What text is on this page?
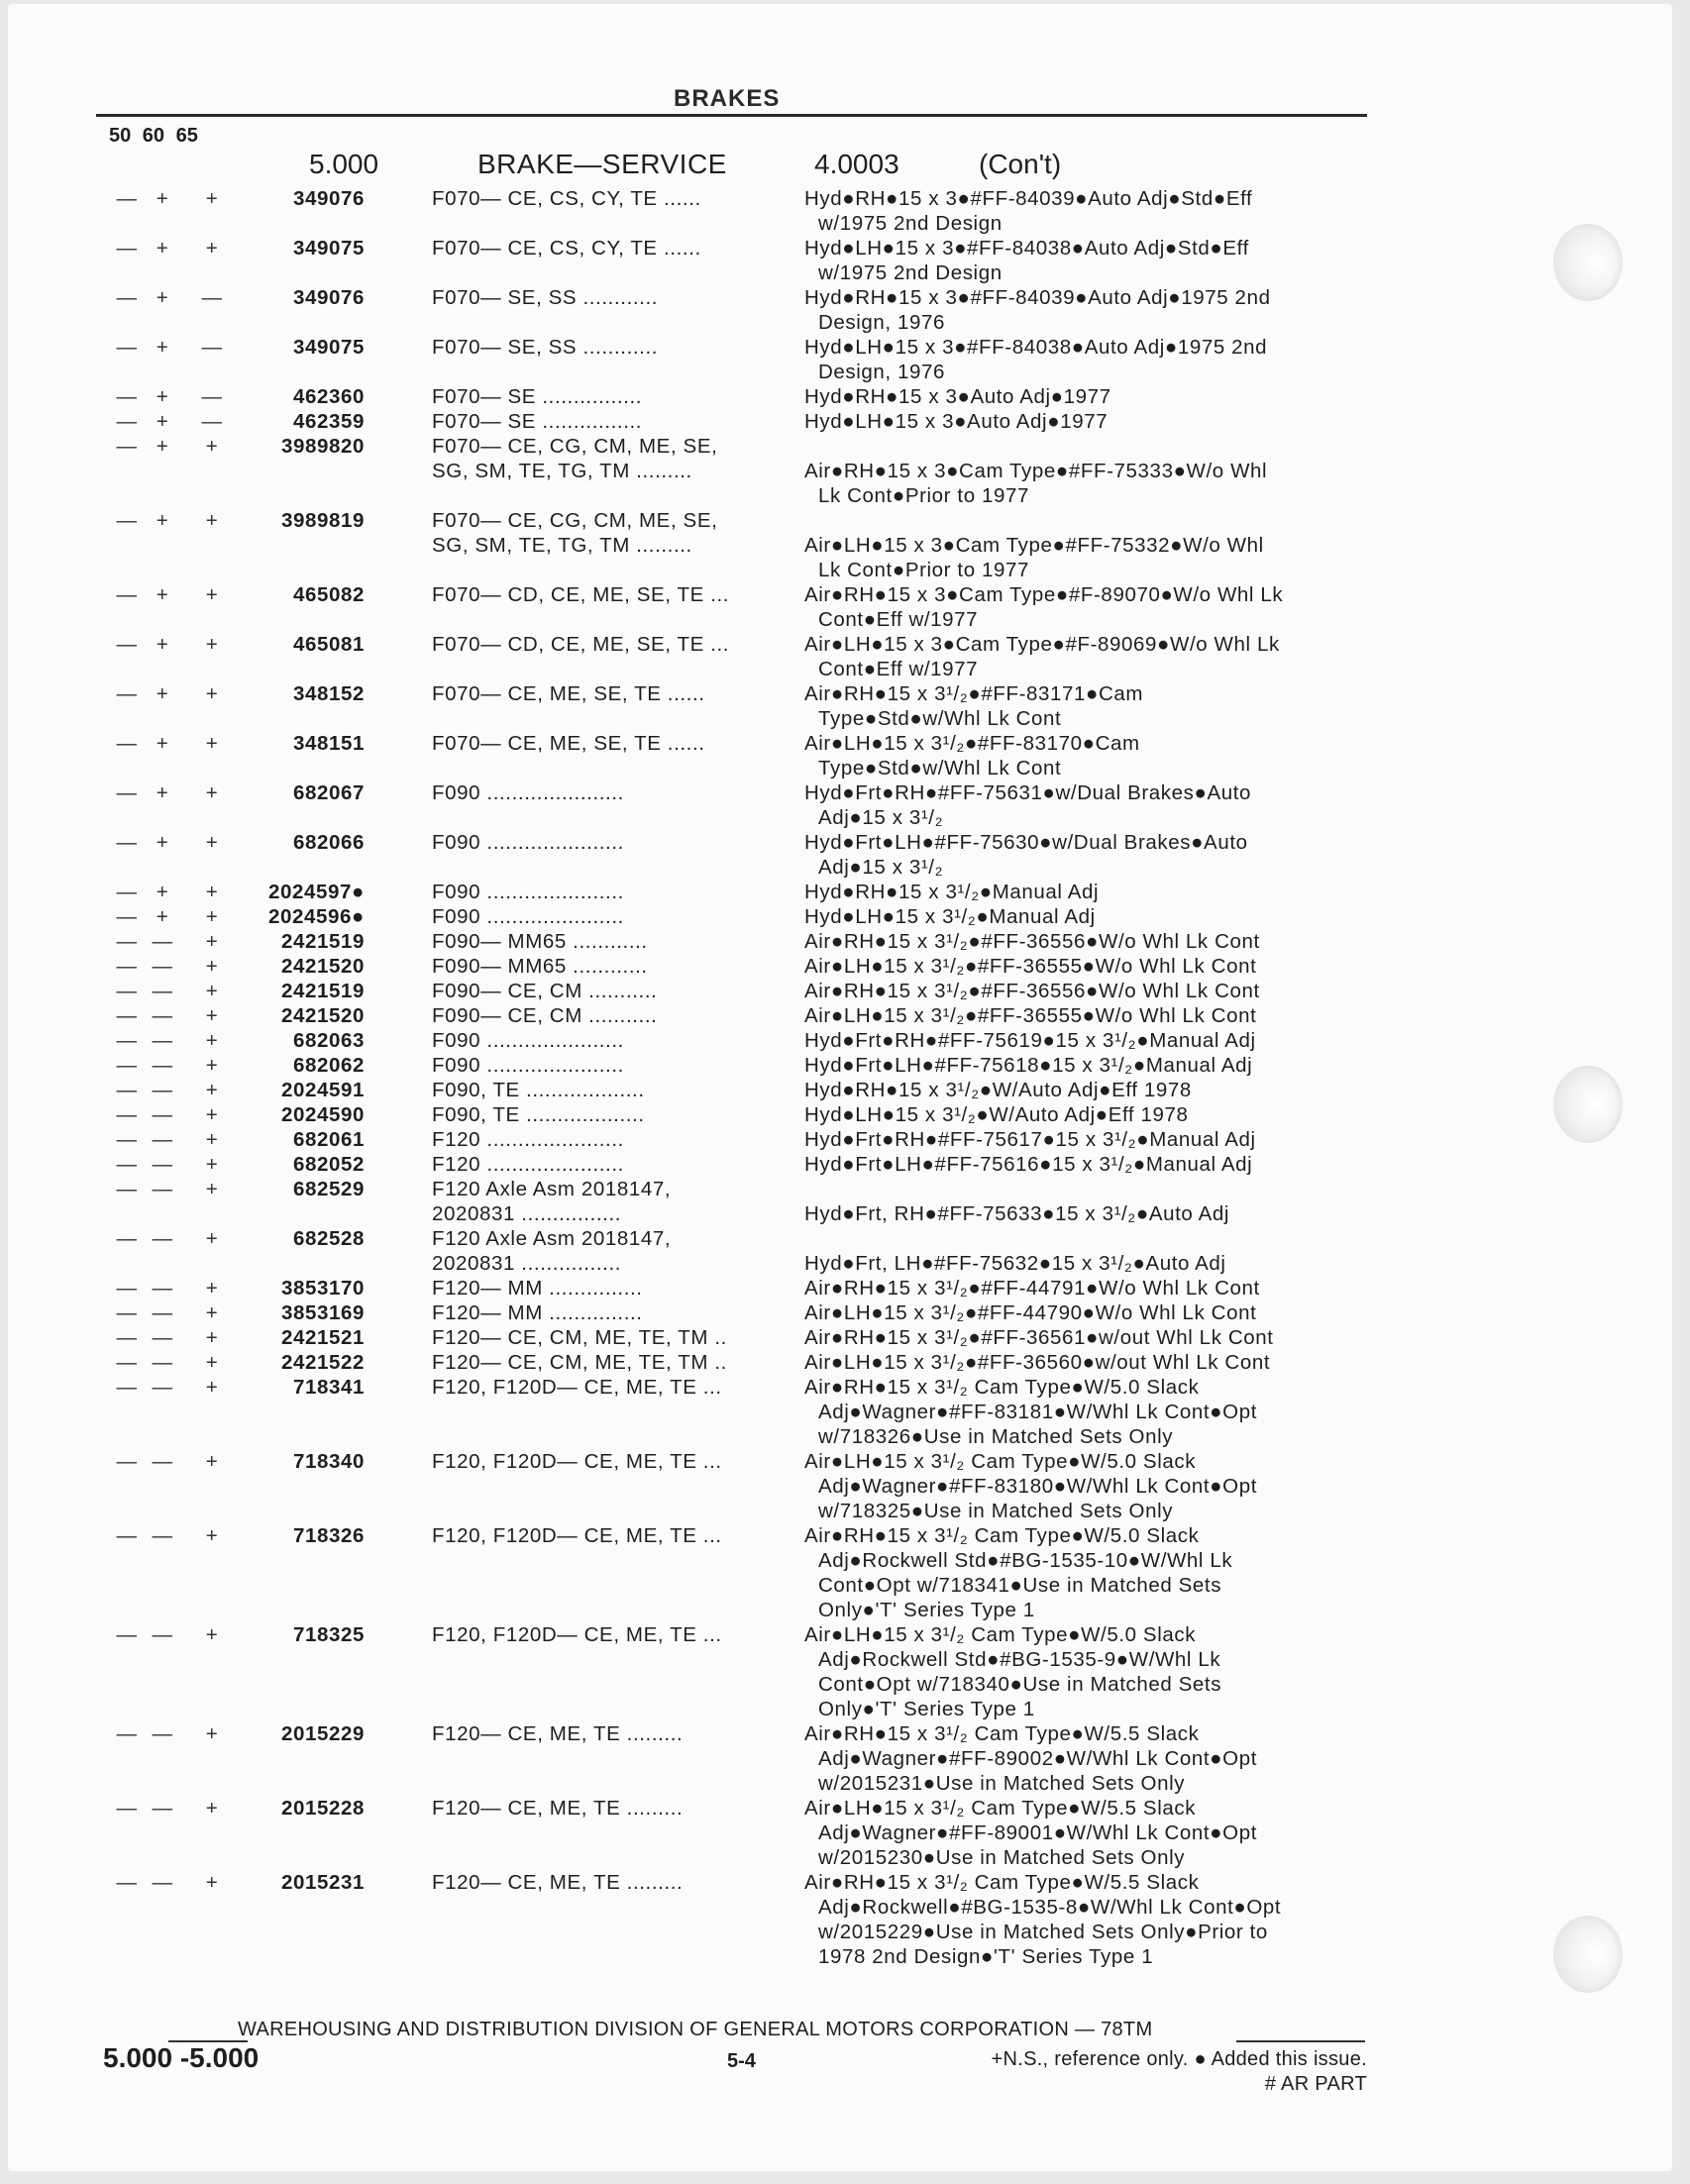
BRAKES
50 60 65
5.000	BRAKE—SERVICE	4.0003	(Con't)
— + +	349076	F070— CE, CS, CY, TE ......	Hyd●RH●15 x 3●#FF-84039●Auto Adj●Std●Eff
w/1975 2nd Design
— + +	349075	F070— CE, CS, CY, TE ......	Hyd●LH●15 x 3●#FF-84038●Auto Adj●Std●Eff
w/1975 2nd Design
— + —	349076	F070— SE, SS ............	Hyd●RH●15 x 3●#FF-84039●Auto Adj●1975 2nd
Design, 1976
— + —	349075	F070— SE, SS ............	Hyd●LH●15 x 3●#FF-84038●Auto Adj●1975 2nd
Design, 1976
— + —	462360	F070— SE ................	Hyd●RH●15 x 3●Auto Adj●1977
— + —	462359	F070— SE ................	Hyd●LH●15 x 3●Auto Adj●1977
— + +	3989820	F070— CE, CG, CM, ME, SE,
SG, SM, TE, TG, TM .........
	Air●RH●15 x 3●Cam Type●#FF-75333●W/o Whl
Lk Cont●Prior to 1977
— + +	3989819	F070— CE, CG, CM, ME, SE,
SG, SM, TE, TG, TM .........
	Air●LH●15 x 3●Cam Type●#FF-75332●W/o Whl
Lk Cont●Prior to 1977
— + +	465082	F070— CD, CE, ME, SE, TE ...	Air●RH●15 x 3●Cam Type●#F-89070●W/o Whl Lk
Cont●Eff w/1977
— + +	465081	F070— CD, CE, ME, SE, TE ...	Air●LH●15 x 3●Cam Type●#F-89069●W/o Whl Lk
Cont●Eff w/1977
— + +	348152	F070— CE, ME, SE, TE ......	Air●RH●15 x 3¹/₂●#FF-83171●Cam
Type●Std●w/Whl Lk Cont
— + +	348151	F070— CE, ME, SE, TE ......	Air●LH●15 x 3¹/₂●#FF-83170●Cam
Type●Std●w/Whl Lk Cont
— + +	682067	F090 ......................	Hyd●Frt●RH●#FF-75631●w/Dual Brakes●Auto
Adj●15 x 3¹/₂
— + +	682066	F090 ......................	Hyd●Frt●LH●#FF-75630●w/Dual Brakes●Auto
Adj●15 x 3¹/₂
— + +	2024597●	F090 ......................	Hyd●RH●15 x 3¹/₂●Manual Adj
— + +	2024596●	F090 ......................	Hyd●LH●15 x 3¹/₂●Manual Adj
— — +	2421519	F090— MM65 ............	Air●RH●15 x 3¹/₂●#FF-36556●W/o Whl Lk Cont
— — +	2421520	F090— MM65 ............	Air●LH●15 x 3¹/₂●#FF-36555●W/o Whl Lk Cont
— — +	2421519	F090— CE, CM ...........	Air●RH●15 x 3¹/₂●#FF-36556●W/o Whl Lk Cont
— — +	2421520	F090— CE, CM ...........	Air●LH●15 x 3¹/₂●#FF-36555●W/o Whl Lk Cont
— — +	682063	F090 ......................	Hyd●Frt●RH●#FF-75619●15 x 3¹/₂●Manual Adj
— — +	682062	F090 ......................	Hyd●Frt●LH●#FF-75618●15 x 3¹/₂●Manual Adj
— — +	2024591	F090, TE ...................	Hyd●RH●15 x 3¹/₂●W/Auto Adj●Eff 1978
— — +	2024590	F090, TE ...................	Hyd●LH●15 x 3¹/₂●W/Auto Adj●Eff 1978
— — +	682061	F120 ......................	Hyd●Frt●RH●#FF-75617●15 x 3¹/₂●Manual Adj
— — +	682052	F120 ......................	Hyd●Frt●LH●#FF-75616●15 x 3¹/₂●Manual Adj
— — +	682529	F120 Axle Asm 2018147,
2020831 ................
	Hyd●Frt, RH●#FF-75633●15 x 3¹/₂●Auto Adj
— — +	682528	F120 Axle Asm 2018147,
2020831 ................
	Hyd●Frt, LH●#FF-75632●15 x 3¹/₂●Auto Adj
— — +	3853170	F120— MM ...............	Air●RH●15 x 3¹/₂●#FF-44791●W/o Whl Lk Cont
— — +	3853169	F120— MM ...............	Air●LH●15 x 3¹/₂●#FF-44790●W/o Whl Lk Cont
— — +	2421521	F120— CE, CM, ME, TE, TM ..	Air●RH●15 x 3¹/₂●#FF-36561●w/out Whl Lk Cont
— — +	2421522	F120— CE, CM, ME, TE, TM ..	Air●LH●15 x 3¹/₂●#FF-36560●w/out Whl Lk Cont
— — +	718341	F120, F120D— CE, ME, TE ...	Air●RH●15 x 3¹/₂ Cam Type●W/5.0 Slack
Adj●Wagner●#FF-83181●W/Whl Lk Cont●Opt
w/718326●Use in Matched Sets Only
— — +	718340	F120, F120D— CE, ME, TE ...	Air●LH●15 x 3¹/₂ Cam Type●W/5.0 Slack
Adj●Wagner●#FF-83180●W/Whl Lk Cont●Opt
w/718325●Use in Matched Sets Only
— — +	718326	F120, F120D— CE, ME, TE ...	Air●RH●15 x 3¹/₂ Cam Type●W/5.0 Slack
Adj●Rockwell Std●#BG-1535-10●W/Whl Lk
Cont●Opt w/718341●Use in Matched Sets
Only●'T' Series Type 1
— — +	718325	F120, F120D— CE, ME, TE ...	Air●LH●15 x 3¹/₂ Cam Type●W/5.0 Slack
Adj●Rockwell Std●#BG-1535-9●W/Whl Lk
Cont●Opt w/718340●Use in Matched Sets
Only●'T' Series Type 1
— — +	2015229	F120— CE, ME, TE .........	Air●RH●15 x 3¹/₂ Cam Type●W/5.5 Slack
Adj●Wagner●#FF-89002●W/Whl Lk Cont●Opt
w/2015231●Use in Matched Sets Only
— — +	2015228	F120— CE, ME, TE .........	Air●LH●15 x 3¹/₂ Cam Type●W/5.5 Slack
Adj●Wagner●#FF-89001●W/Whl Lk Cont●Opt
w/2015230●Use in Matched Sets Only
— — +	2015231	F120— CE, ME, TE .........	Air●RH●15 x 3¹/₂ Cam Type●W/5.5 Slack
Adj●Rockwell●#BG-1535-8●W/Whl Lk Cont●Opt
w/2015229●Use in Matched Sets Only●Prior to
1978 2nd Design●'T' Series Type 1
WAREHOUSING AND DISTRIBUTION DIVISION OF GENERAL MOTORS CORPORATION — 78TM
5.000 -5.000	5-4	+N.S., reference only. ● Added this issue.
# AR PART
